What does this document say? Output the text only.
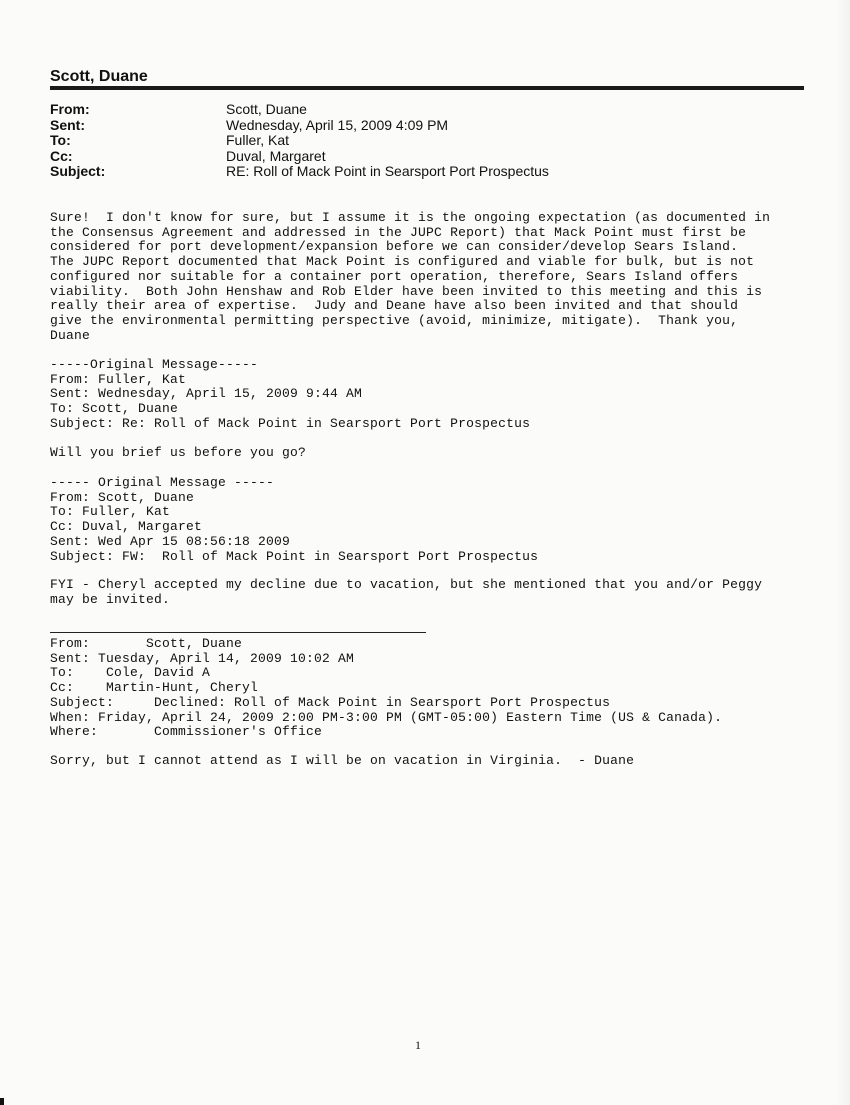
Scott, Duane
From:	Scott, Duane
Sent:	Wednesday, April 15, 2009 4:09 PM
To:	Fuller, Kat
Cc:	Duval, Margaret
Subject:	RE: Roll of Mack Point in Searsport Port Prospectus
Sure!  I don't know for sure, but I assume it is the ongoing expectation (as documented in
the Consensus Agreement and addressed in the JUPC Report) that Mack Point must first be
considered for port development/expansion before we can consider/develop Sears Island.
The JUPC Report documented that Mack Point is configured and viable for bulk, but is not
configured nor suitable for a container port operation, therefore, Sears Island offers
viability.  Both John Henshaw and Rob Elder have been invited to this meeting and this is
really their area of expertise.  Judy and Deane have also been invited and that should
give the environmental permitting perspective (avoid, minimize, mitigate).  Thank you,
Duane
-----Original Message-----
From: Fuller, Kat
Sent: Wednesday, April 15, 2009 9:44 AM
To: Scott, Duane
Subject: Re: Roll of Mack Point in Searsport Port Prospectus
Will you brief us before you go?
----- Original Message -----
From: Scott, Duane
To: Fuller, Kat
Cc: Duval, Margaret
Sent: Wed Apr 15 08:56:18 2009
Subject: FW:  Roll of Mack Point in Searsport Port Prospectus
FYI - Cheryl accepted my decline due to vacation, but she mentioned that you and/or Peggy
may be invited.
From:       Scott, Duane
Sent: Tuesday, April 14, 2009 10:02 AM
To:    Cole, David A
Cc:    Martin-Hunt, Cheryl
Subject:     Declined: Roll of Mack Point in Searsport Port Prospectus
When: Friday, April 24, 2009 2:00 PM-3:00 PM (GMT-05:00) Eastern Time (US & Canada).
Where:       Commissioner's Office
Sorry, but I cannot attend as I will be on vacation in Virginia.  - Duane
1
